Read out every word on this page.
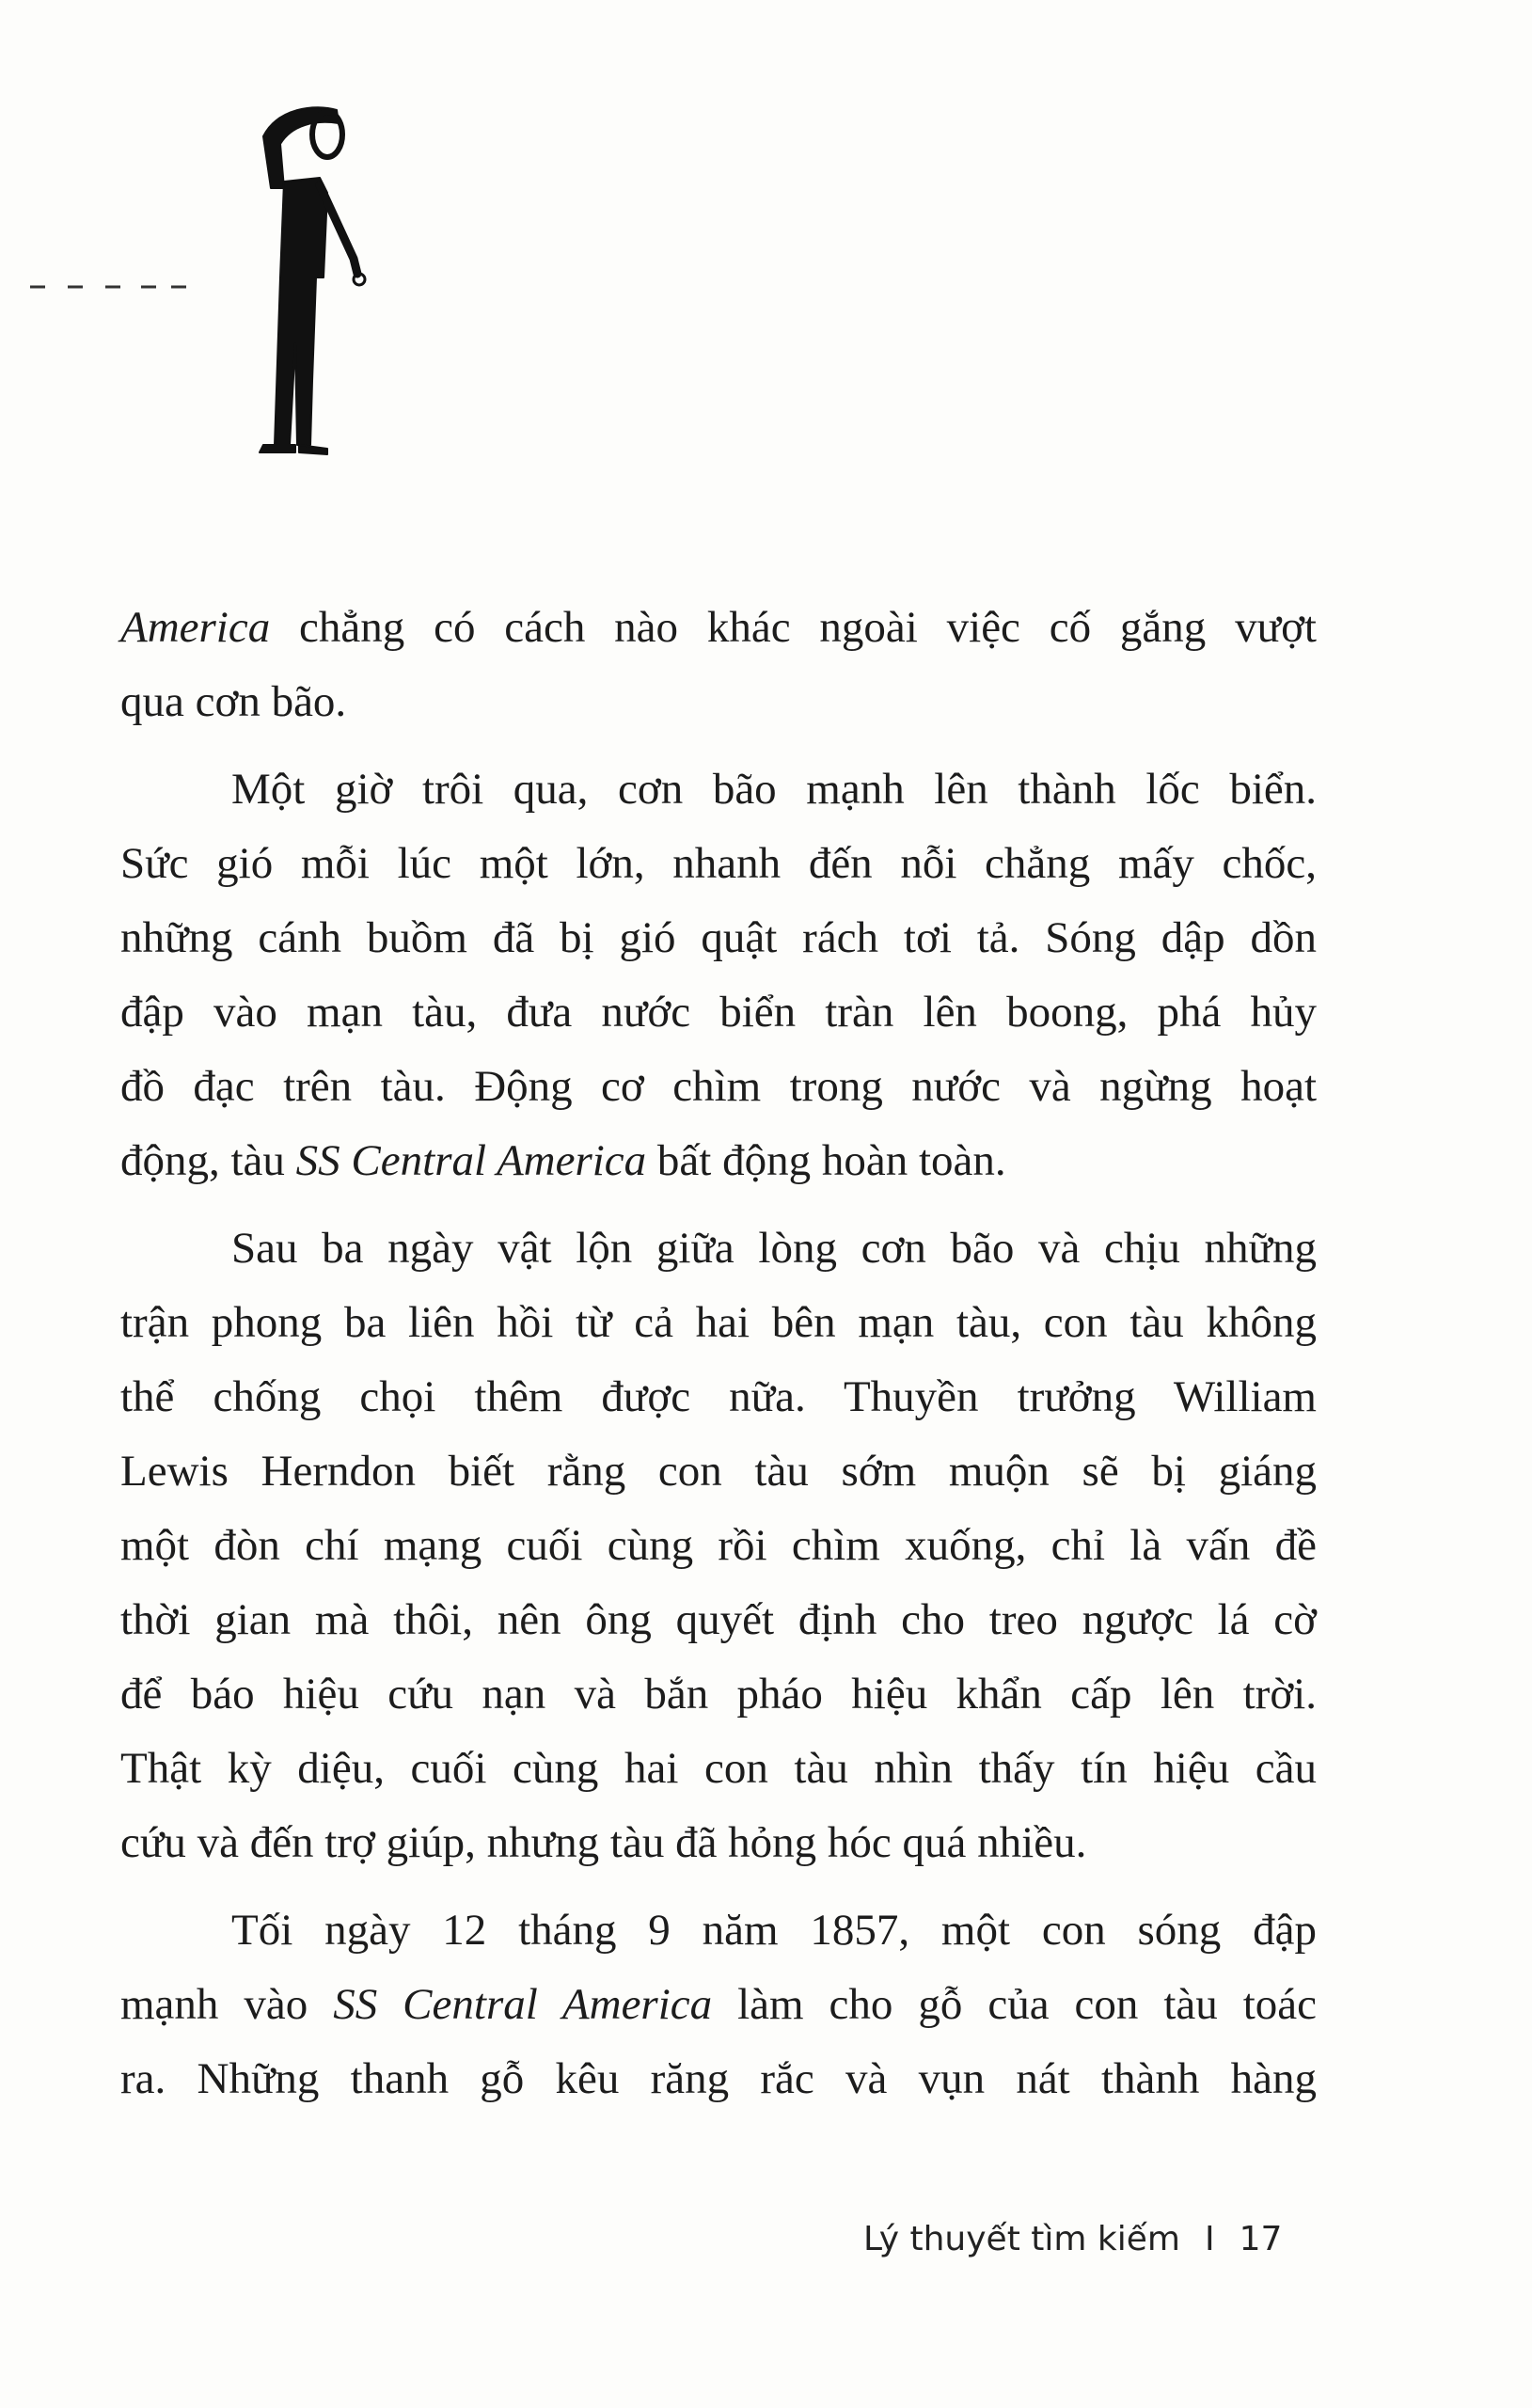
America chẳng có cách nào khác ngoài việc cố gắng vượt
qua cơn bão.
Một giờ trôi qua, cơn bão mạnh lên thành lốc biển.
Sức gió mỗi lúc một lớn, nhanh đến nỗi chẳng mấy chốc,
những cánh buồm đã bị gió quật rách tơi tả. Sóng dập dồn
đập vào mạn tàu, đưa nước biển tràn lên boong, phá hủy
đồ đạc trên tàu. Động cơ chìm trong nước và ngừng hoạt
động, tàu SS Central America bất động hoàn toàn.
Sau ba ngày vật lộn giữa lòng cơn bão và chịu những
trận phong ba liên hồi từ cả hai bên mạn tàu, con tàu không
thể chống chọi thêm được nữa. Thuyền trưởng William
Lewis Herndon biết rằng con tàu sớm muộn sẽ bị giáng
một đòn chí mạng cuối cùng rồi chìm xuống, chỉ là vấn đề
thời gian mà thôi, nên ông quyết định cho treo ngược lá cờ
để báo hiệu cứu nạn và bắn pháo hiệu khẩn cấp lên trời.
Thật kỳ diệu, cuối cùng hai con tàu nhìn thấy tín hiệu cầu
cứu và đến trợ giúp, nhưng tàu đã hỏng hóc quá nhiều.
Tối ngày 12 tháng 9 năm 1857, một con sóng đập
mạnh vào SS Central America làm cho gỗ của con tàu toác
ra. Những thanh gỗ kêu răng rắc và vụn nát thành hàng
Lý thuyết tìm kiếm I 17
